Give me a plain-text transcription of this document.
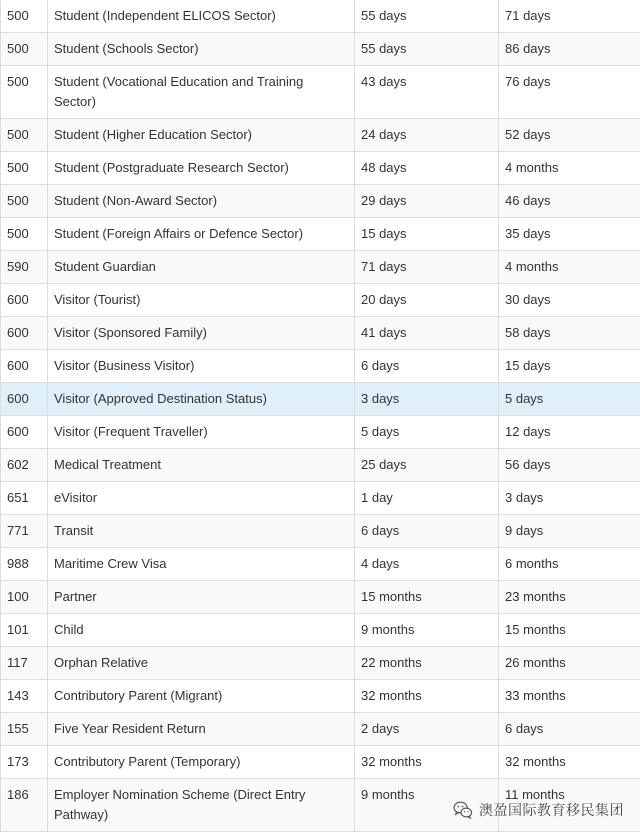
500	Student (Independent ELICOS Sector)	55 days	71 days
500	Student (Schools Sector)	55 days	86 days
500	Student (Vocational Education and Training Sector)	43 days	76 days
500	Student (Higher Education Sector)	24 days	52 days
500	Student (Postgraduate Research Sector)	48 days	4 months
500	Student (Non-Award Sector)	29 days	46 days
500	Student (Foreign Affairs or Defence Sector)	15 days	35 days
590	Student Guardian	71 days	4 months
600	Visitor (Tourist)	20 days	30 days
600	Visitor (Sponsored Family)	41 days	58 days
600	Visitor (Business Visitor)	6 days	15 days
600	Visitor (Approved Destination Status)	3 days	5 days
600	Visitor (Frequent Traveller)	5 days	12 days
602	Medical Treatment	25 days	56 days
651	eVisitor	1 day	3 days
771	Transit	6 days	9 days
988	Maritime Crew Visa	4 days	6 months
100	Partner	15 months	23 months
101	Child	9 months	15 months
117	Orphan Relative	22 months	26 months
143	Contributory Parent (Migrant)	32 months	33 months
155	Five Year Resident Return	2 days	6 days
173	Contributory Parent (Temporary)	32 months	32 months
186	Employer Nomination Scheme (Direct Entry Pathway)	9 months	11 months
澳盈国际教育移民集团
